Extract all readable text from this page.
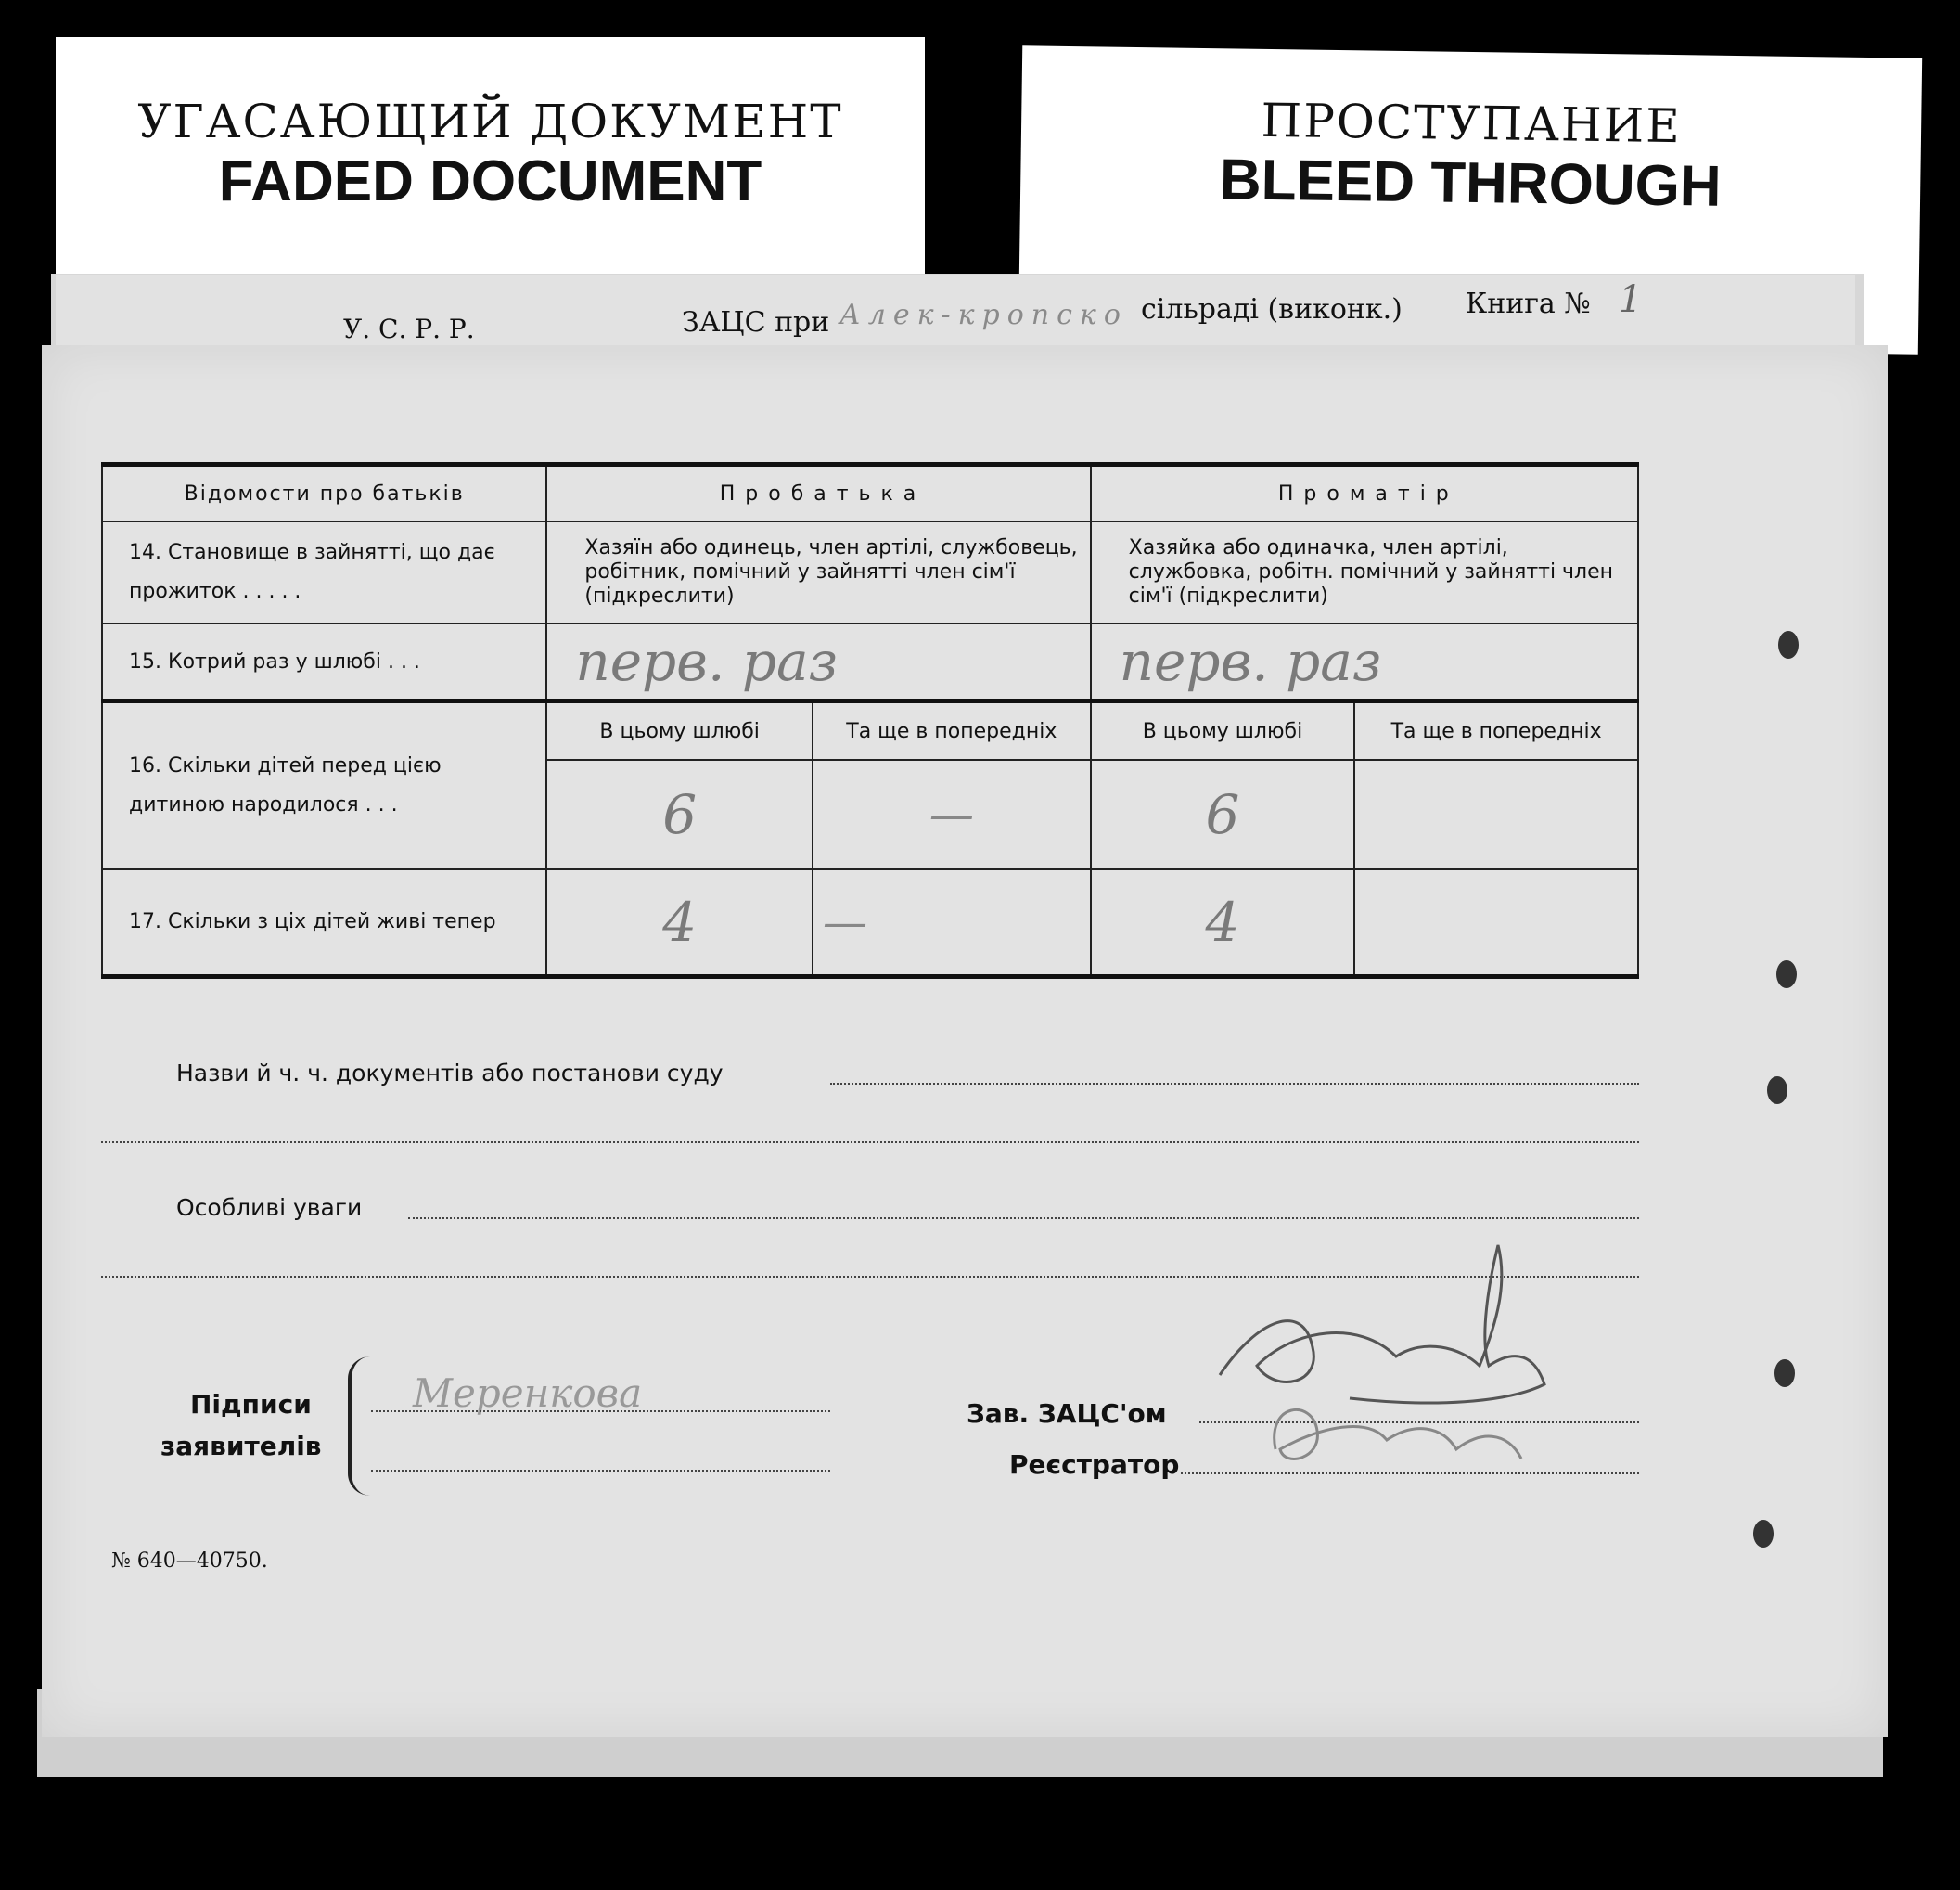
УГАСАЮЩИЙ ДОКУМЕНТ
FADED DOCUMENT
ПРОСТУПАНИЕ
BLEED THROUGH
У. С. Р. Р.	ЗАЦС при Алек-кропско сільраді (виконк.) Книга № 1
Відомости про батьків	П р о б а т ь к а		П р о м а т і р	
14. Становище в зайнятті, що дає прожиток . . . . .	Хазяїн або одинець, член артілі, службовець, робітник, помічний у зайнятті член сім'ї (підкреслити)		Хазяйка або одиначка, член артілі, службовка, робітн. помічний у зайнятті член сім'ї (підкреслити)	
15. Котрий раз у шлюбі . . .	перв. раз		перв. раз	
16. Скільки дітей перед цією дитиною народилося . . .	В цьому шлюбі	Та ще в попередніх	В цьому шлюбі	Та ще в попередніх
	6	—	6	
17. Скільки з ціх дітей живі тепер	4	—	4	
Назви й ч. ч. документів або постанови суду
Особливі уваги
Підписи
заявителів
Меренкова	Зав. ЗАЦС'ом
Реєстратор
№ 640—40750.
